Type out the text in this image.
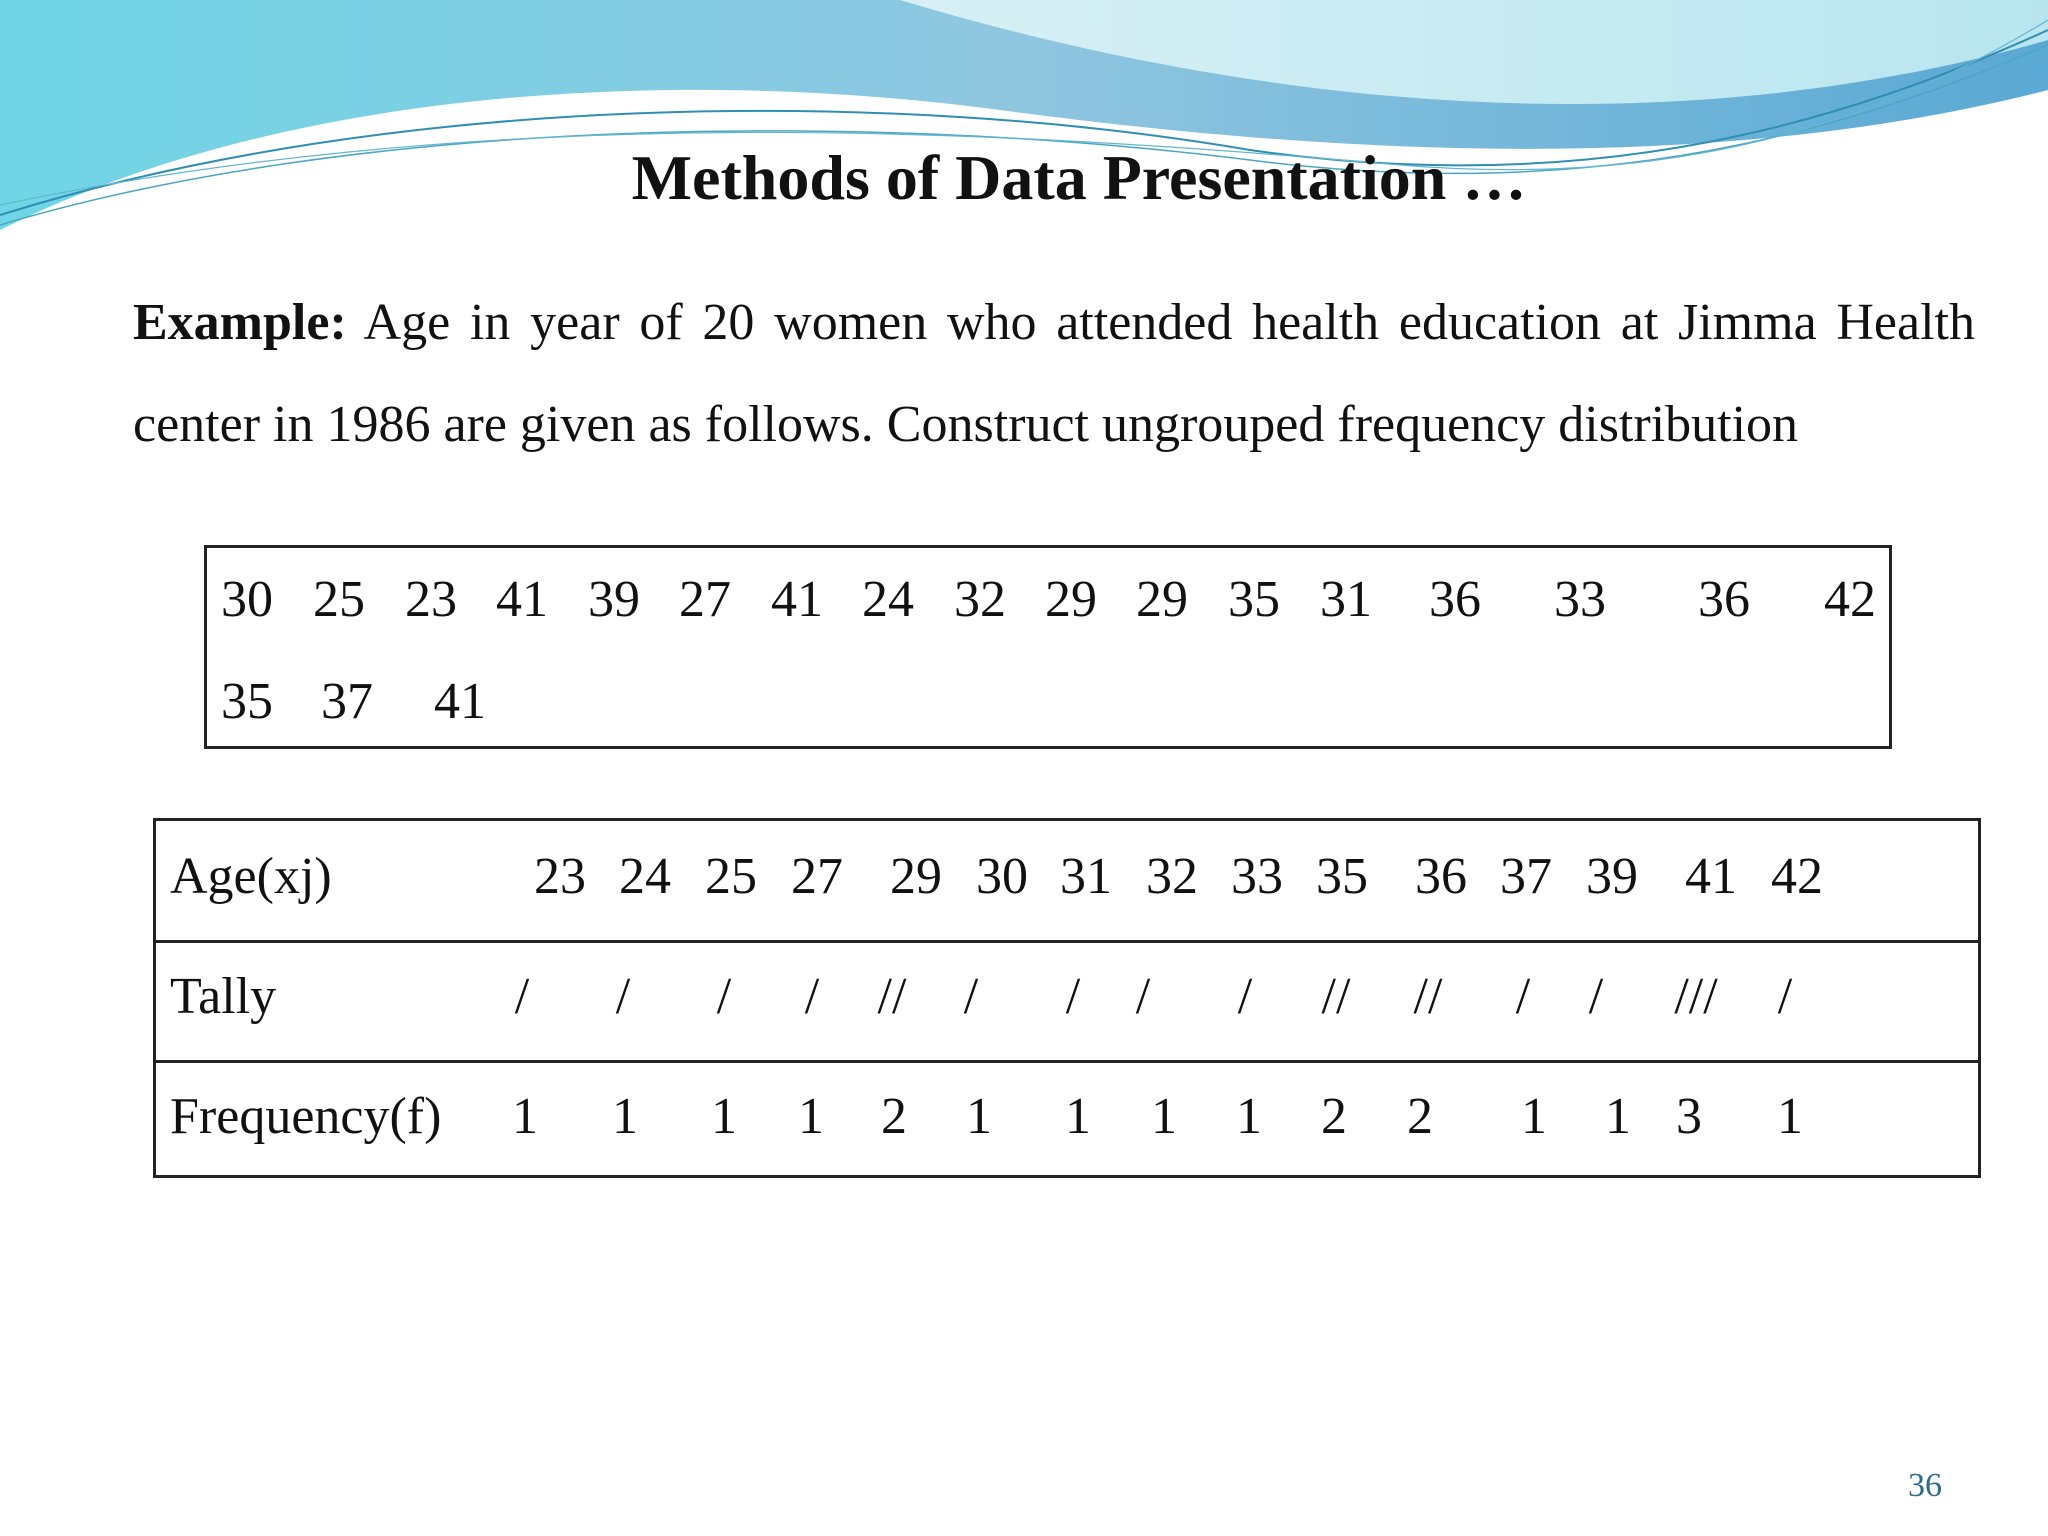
Methods of Data Presentation …
Example: Age in year of 20 women who attended health education at Jimma Health center in 1986 are given as follows. Construct ungrouped frequency distribution
30 25 23 41 39 27 41 24 32 29 29 35 31 36 33 36 42
35 37 41
Age(xj)	23 24 25 27 29 30 31 32 33 35 36 37 39 41 42
Tally	/ / / / // / / / / // // / / /// /
Frequency(f) 1 1 1 1 2 1 1 1 1 2 2 1 1 3 1
36
